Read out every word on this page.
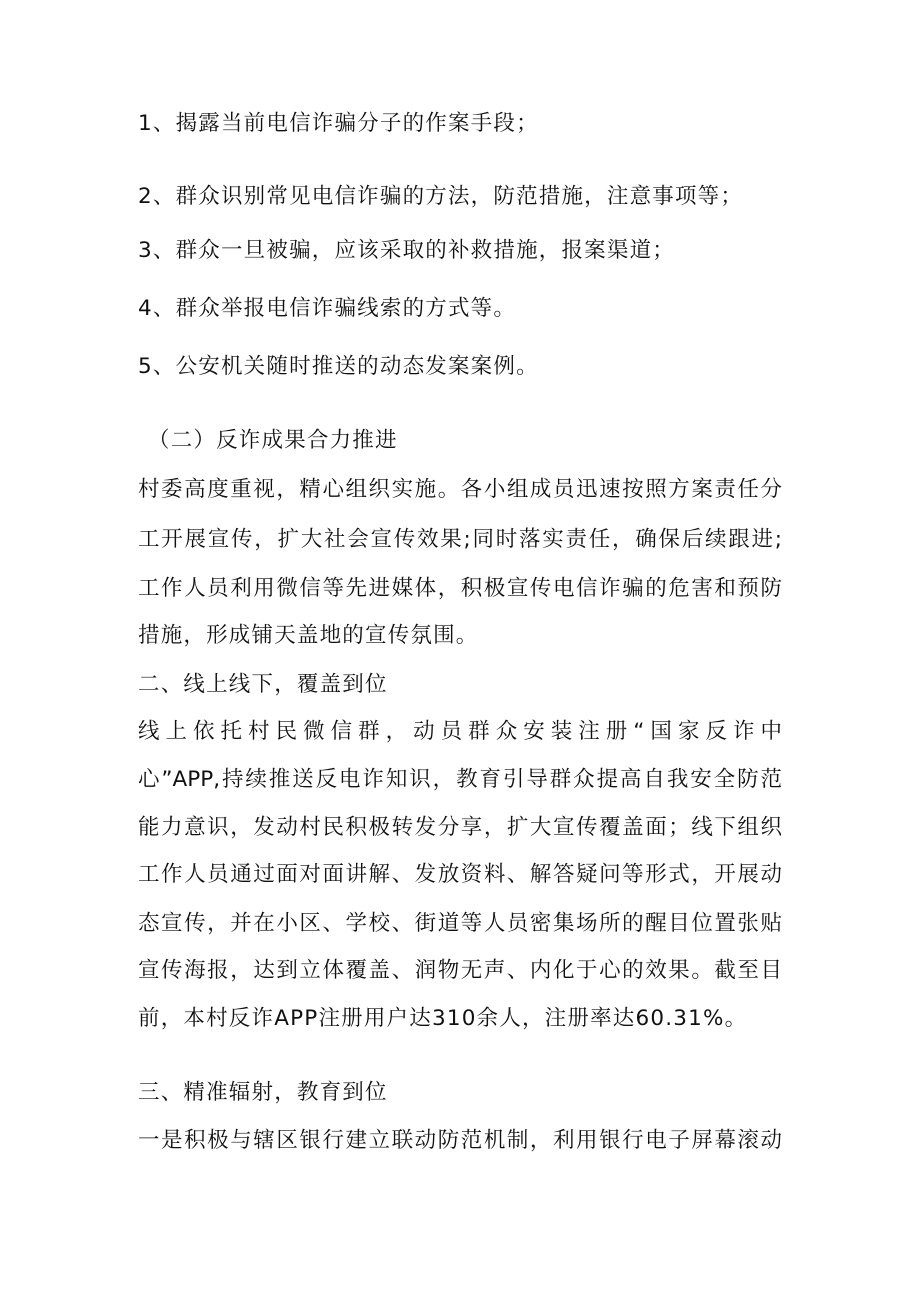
1、揭露当前电信诈骗分子的作案手段；
2、群众识别常见电信诈骗的方法，防范措施，注意事项等；
3、群众一旦被骗，应该采取的补救措施，报案渠道；
4、群众举报电信诈骗线索的方式等。
5、公安机关随时推送的动态发案案例。
（二）反诈成果合力推进
村委高度重视，精心组织实施。各小组成员迅速按照方案责任分
工开展宣传，扩大社会宣传效果;同时落实责任，确保后续跟进;
工作人员利用微信等先进媒体，积极宣传电信诈骗的危害和预防
措施，形成铺天盖地的宣传氛围。
二、线上线下，覆盖到位
线上依托村民微信群，动员群众安装注册“国家反诈中
心”APP,持续推送反电诈知识，教育引导群众提高自我安全防范
能力意识，发动村民积极转发分享，扩大宣传覆盖面；线下组织
工作人员通过面对面讲解、发放资料、解答疑问等形式，开展动
态宣传，并在小区、学校、街道等人员密集场所的醒目位置张贴
宣传海报，达到立体覆盖、润物无声、内化于心的效果。截至目
前，本村反诈APP注册用户达310余人，注册率达60.31%。
三、精准辐射，教育到位
一是积极与辖区银行建立联动防范机制，利用银行电子屏幕滚动
